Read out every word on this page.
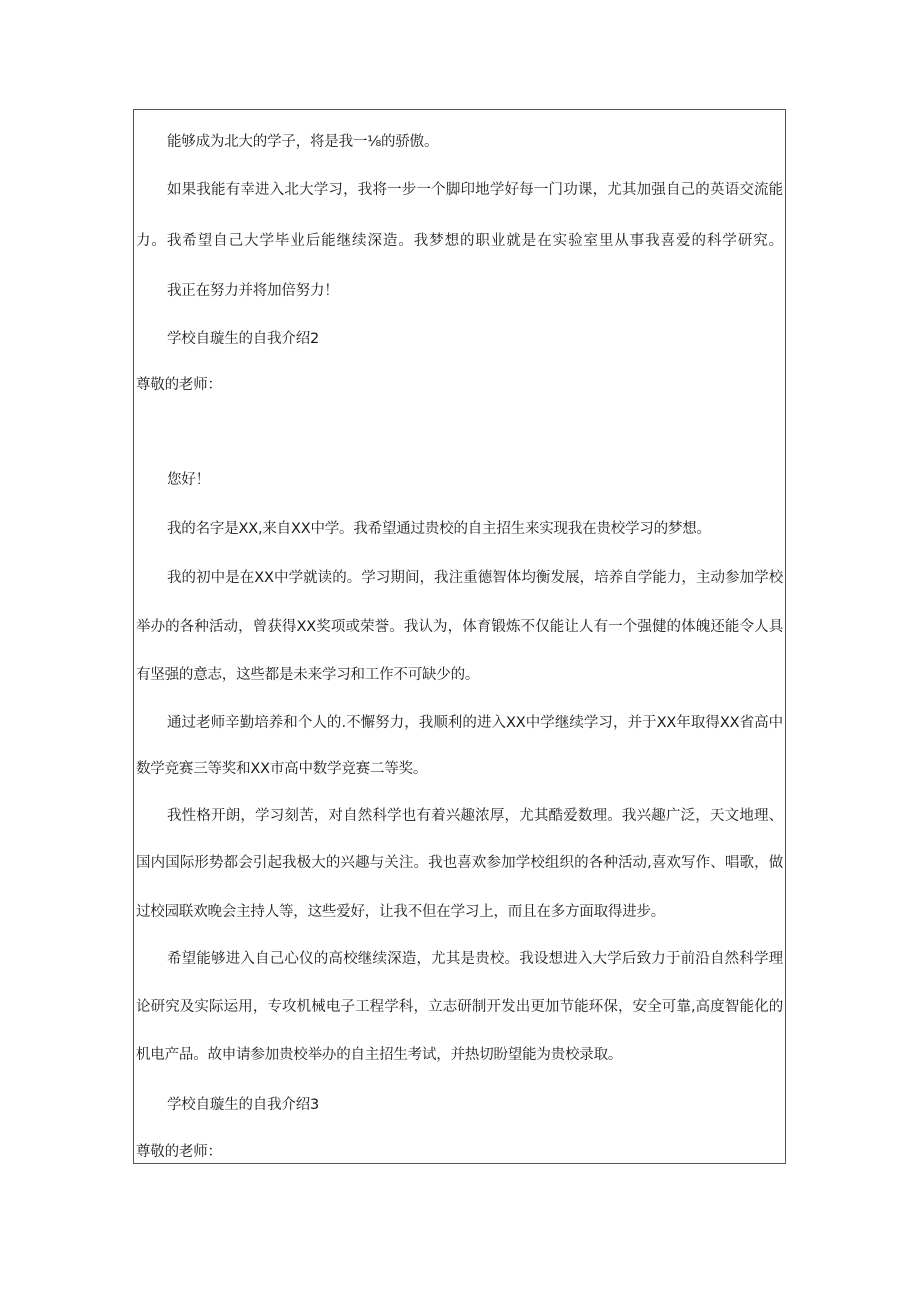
能够成为北大的学子，将是我一⅛的骄傲。
如果我能有幸进入北大学习，我将一步一个脚印地学好每一门功课，尤其加强自己的英语交流能
力。我希望自己大学毕业后能继续深造。我梦想的职业就是在实验室里从事我喜爱的科学研究。
我正在努力并将加倍努力！
学校自璇生的自我介绍2
尊敬的老师：
您好！
我的名字是XX,来自XX中学。我希望通过贵校的自主招生来实现我在贵校学习的梦想。
我的初中是在XX中学就读的。学习期间，我注重德智体均衡发展，培养自学能力，主动参加学校
举办的各种活动，曾获得XX奖项或荣誉。我认为，体育锻炼不仅能让人有一个强健的体魄还能令人具
有坚强的意志，这些都是未来学习和工作不可缺少的。
通过老师辛勤培养和个人的.不懈努力，我顺利的进入XX中学继续学习，并于XX年取得XX省高中
数学竞赛三等奖和XX市高中数学竞赛二等奖。
我性格开朗，学习刻苦，对自然科学也有着兴趣浓厚，尤其酷爱数理。我兴趣广泛，天文地理、
国内国际形势都会引起我极大的兴趣与关注。我也喜欢参加学校组织的各种活动,喜欢写作、唱歌，做
过校园联欢晚会主持人等，这些爱好，让我不但在学习上，而且在多方面取得进步。
希望能够进入自己心仪的高校继续深造，尤其是贵校。我设想进入大学后致力于前沿自然科学理
论研究及实际运用，专攻机械电子工程学科，立志研制开发出更加节能环保，安全可靠,高度智能化的
机电产品。故申请参加贵校举办的自主招生考试，并热切盼望能为贵校录取。
学校自璇生的自我介绍3
尊敬的老师：
